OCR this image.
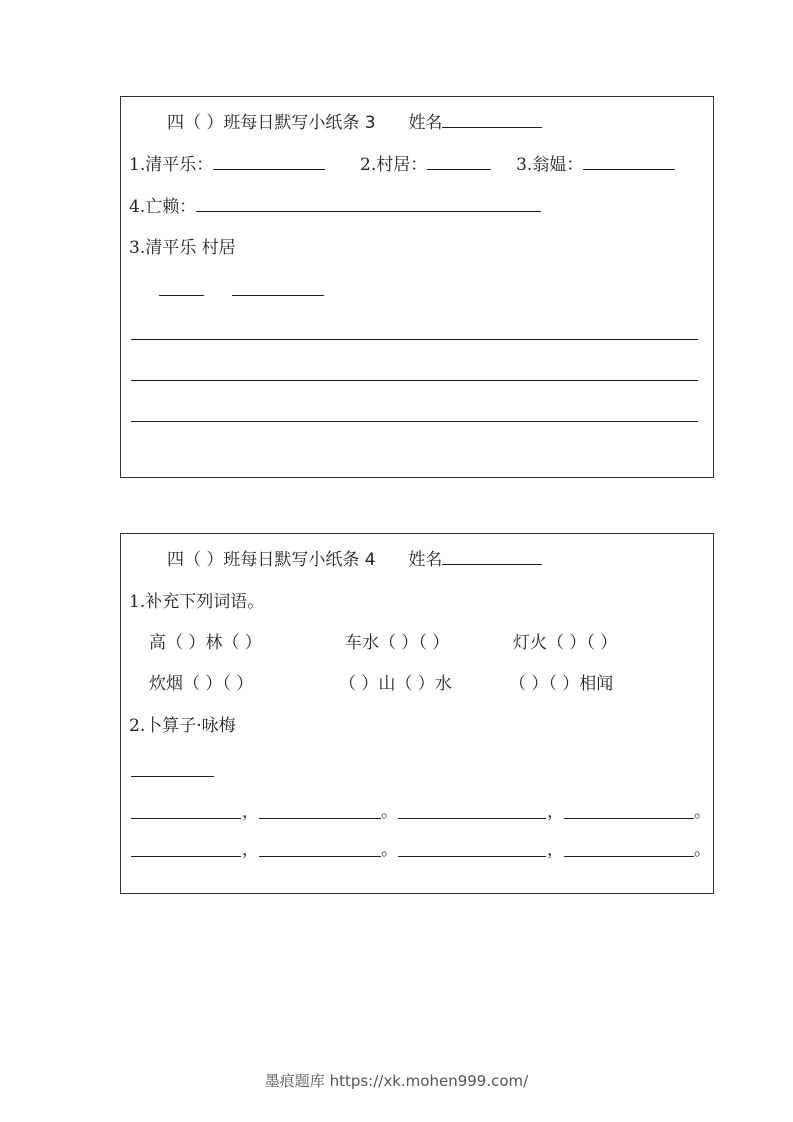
四（ ）班每日默写小纸条 3 姓名
1.清平乐：	2.村居：	3.翁媪：
4.亡赖：
3.清平乐 村居
四（ ）班每日默写小纸条 4 姓名
1.补充下列词语。
高（ ）林（ ）	车水（ ）（ ）	灯火（ ）（ ）
炊烟（ ）（ ）	（ ）山（ ）水	（ ）（ ）相闻
2.卜算子·咏梅
，	。	，	。
，	。	，	。
墨痕题库 https://xk.mohen999.com/
